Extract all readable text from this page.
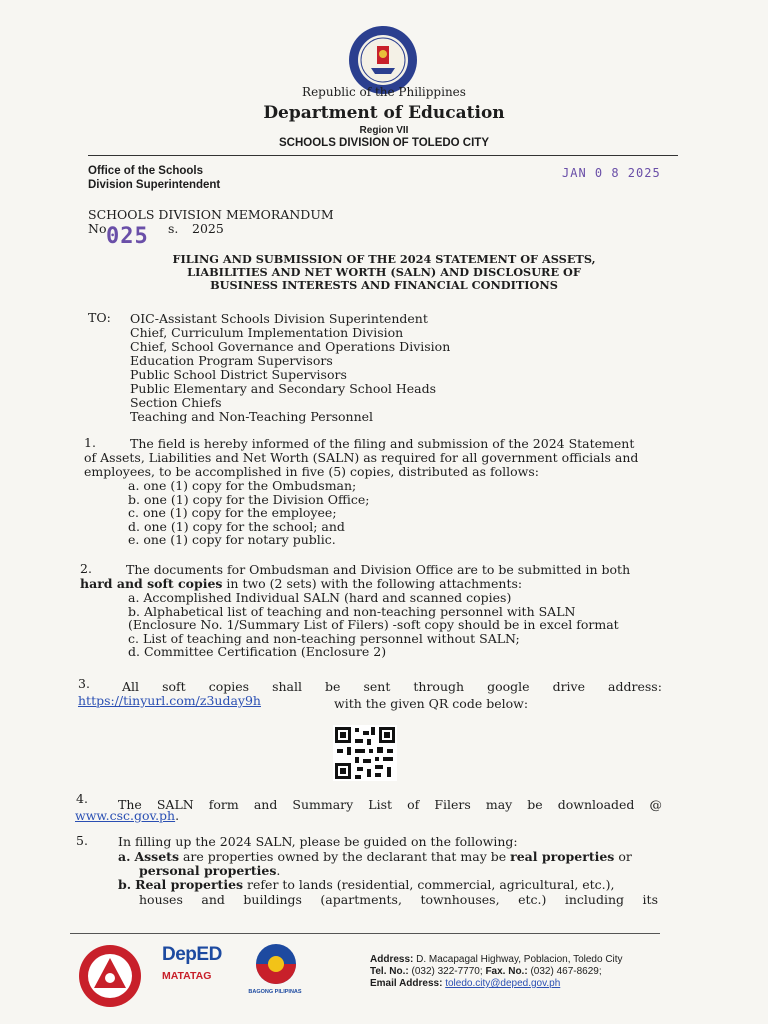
Republic of the Philippines
Department of Education
Region VII
SCHOOLS DIVISION OF TOLEDO CITY
Office of the Schools
Division Superintendent
JAN 0 8 2025
SCHOOLS DIVISION MEMORANDUM
No.
025 s. 2025
FILING AND SUBMISSION OF THE 2024 STATEMENT OF ASSETS,
LIABILITIES AND NET WORTH (SALN) AND DISCLOSURE OF
BUSINESS INTERESTS AND FINANCIAL CONDITIONS
TO: OIC-Assistant Schools Division Superintendent
Chief, Curriculum Implementation Division
Chief, School Governance and Operations Division
Education Program Supervisors
Public School District Supervisors
Public Elementary and Secondary School Heads
Section Chiefs
Teaching and Non-Teaching Personnel
1.	The field is hereby informed of the filing and submission of the 2024 Statement
of Assets, Liabilities and Net Worth (SALN) as required for all government officials and
employees, to be accomplished in five (5) copies, distributed as follows:
a. one (1) copy for the Ombudsman;
b. one (1) copy for the Division Office;
c. one (1) copy for the employee;
d. one (1) copy for the school; and
e. one (1) copy for notary public.
2.	The documents for Ombudsman and Division Office are to be submitted in both
hard and soft copies in two (2 sets) with the following attachments:
a. Accomplished Individual SALN (hard and scanned copies)
b. Alphabetical list of teaching and non-teaching personnel with SALN
(Enclosure No. 1/Summary List of Filers) -soft copy should be in excel format
c. List of teaching and non-teaching personnel without SALN;
d. Committee Certification (Enclosure 2)
3.	All soft copies shall be sent through google drive address:
https://tinyurl.com/z3uday9h	with the given QR code below:
4. The SALN form and Summary List of Filers may be downloaded @
www.csc.gov.ph.
5. In filling up the 2024 SALN, please be guided on the following:
a. Assets are properties owned by the declarant that may be real properties or
personal properties.
b. Real properties refer to lands (residential, commercial, agricultural, etc.),
houses and buildings (apartments, townhouses, etc.) including its
DepED
MATATAG
BAGONG PILIPINAS
Address: D. Macapagal Highway, Poblacion, Toledo City
Tel. No.: (032) 322-7770; Fax. No.: (032) 467-8629;
Email Address: toledo.city@deped.gov.ph
